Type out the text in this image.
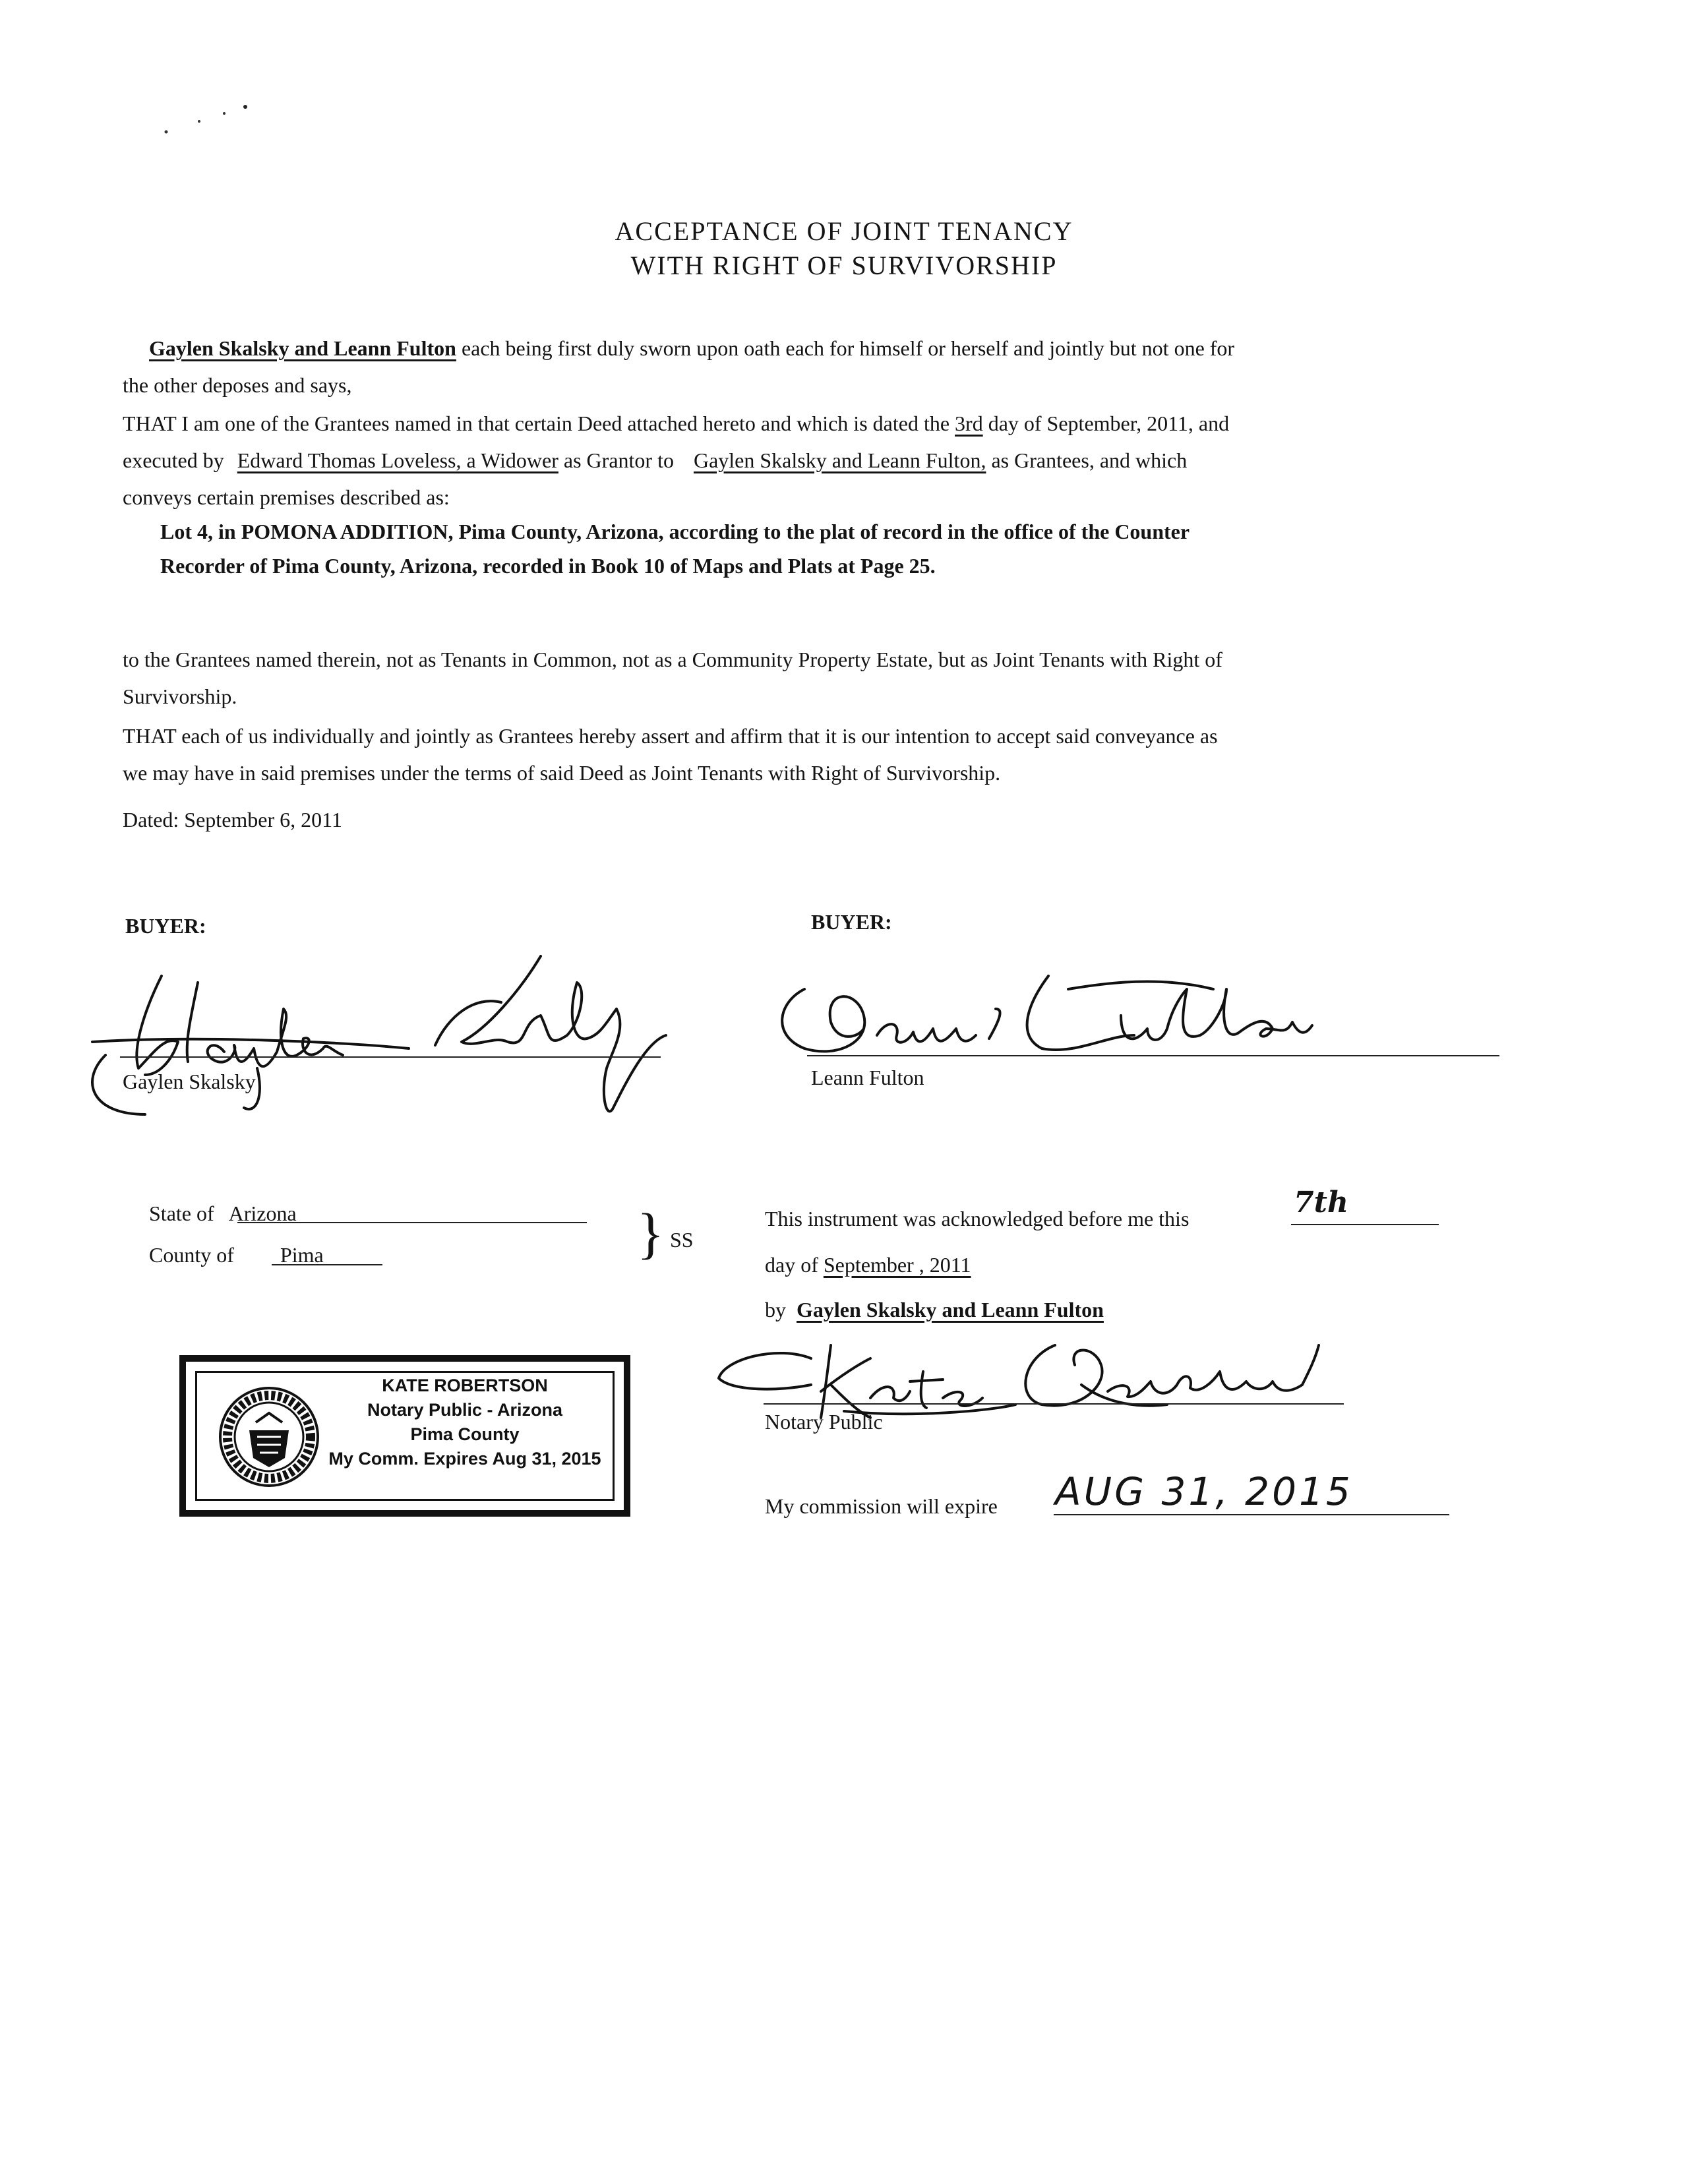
ACCEPTANCE OF JOINT TENANCY
WITH RIGHT OF SURVIVORSHIP
Gaylen Skalsky and Leann Fulton each being first duly sworn upon oath each for himself or herself and jointly but not one for
the other deposes and says,
THAT I am one of the Grantees named in that certain Deed attached hereto and which is dated the 3rd day of September, 2011, and
executed by Edward Thomas Loveless, a Widower as Grantor to Gaylen Skalsky and Leann Fulton, as Grantees, and which
conveys certain premises described as:
Lot 4, in POMONA ADDITION, Pima County, Arizona, according to the plat of record in the office of the Counter
Recorder of Pima County, Arizona, recorded in Book 10 of Maps and Plats at Page 25.
to the Grantees named therein, not as Tenants in Common, not as a Community Property Estate, but as Joint Tenants with Right of
Survivorship.
THAT each of us individually and jointly as Grantees hereby assert and affirm that it is our intention to accept said conveyance as
we may have in said premises under the terms of said Deed as Joint Tenants with Right of Survivorship.
Dated: September 6, 2011
BUYER:	BUYER:
Gaylen Skalsky	Leann Fulton
State of Arizona
County of Pima	} SS
This instrument was acknowledged before me this	7th
day of September , 2011
by Gaylen Skalsky and Leann Fulton
Notary Public
My commission will expire AUG 31, 2015
KATE ROBERTSON
Notary Public - Arizona
Pima County
My Comm. Expires Aug 31, 2015
